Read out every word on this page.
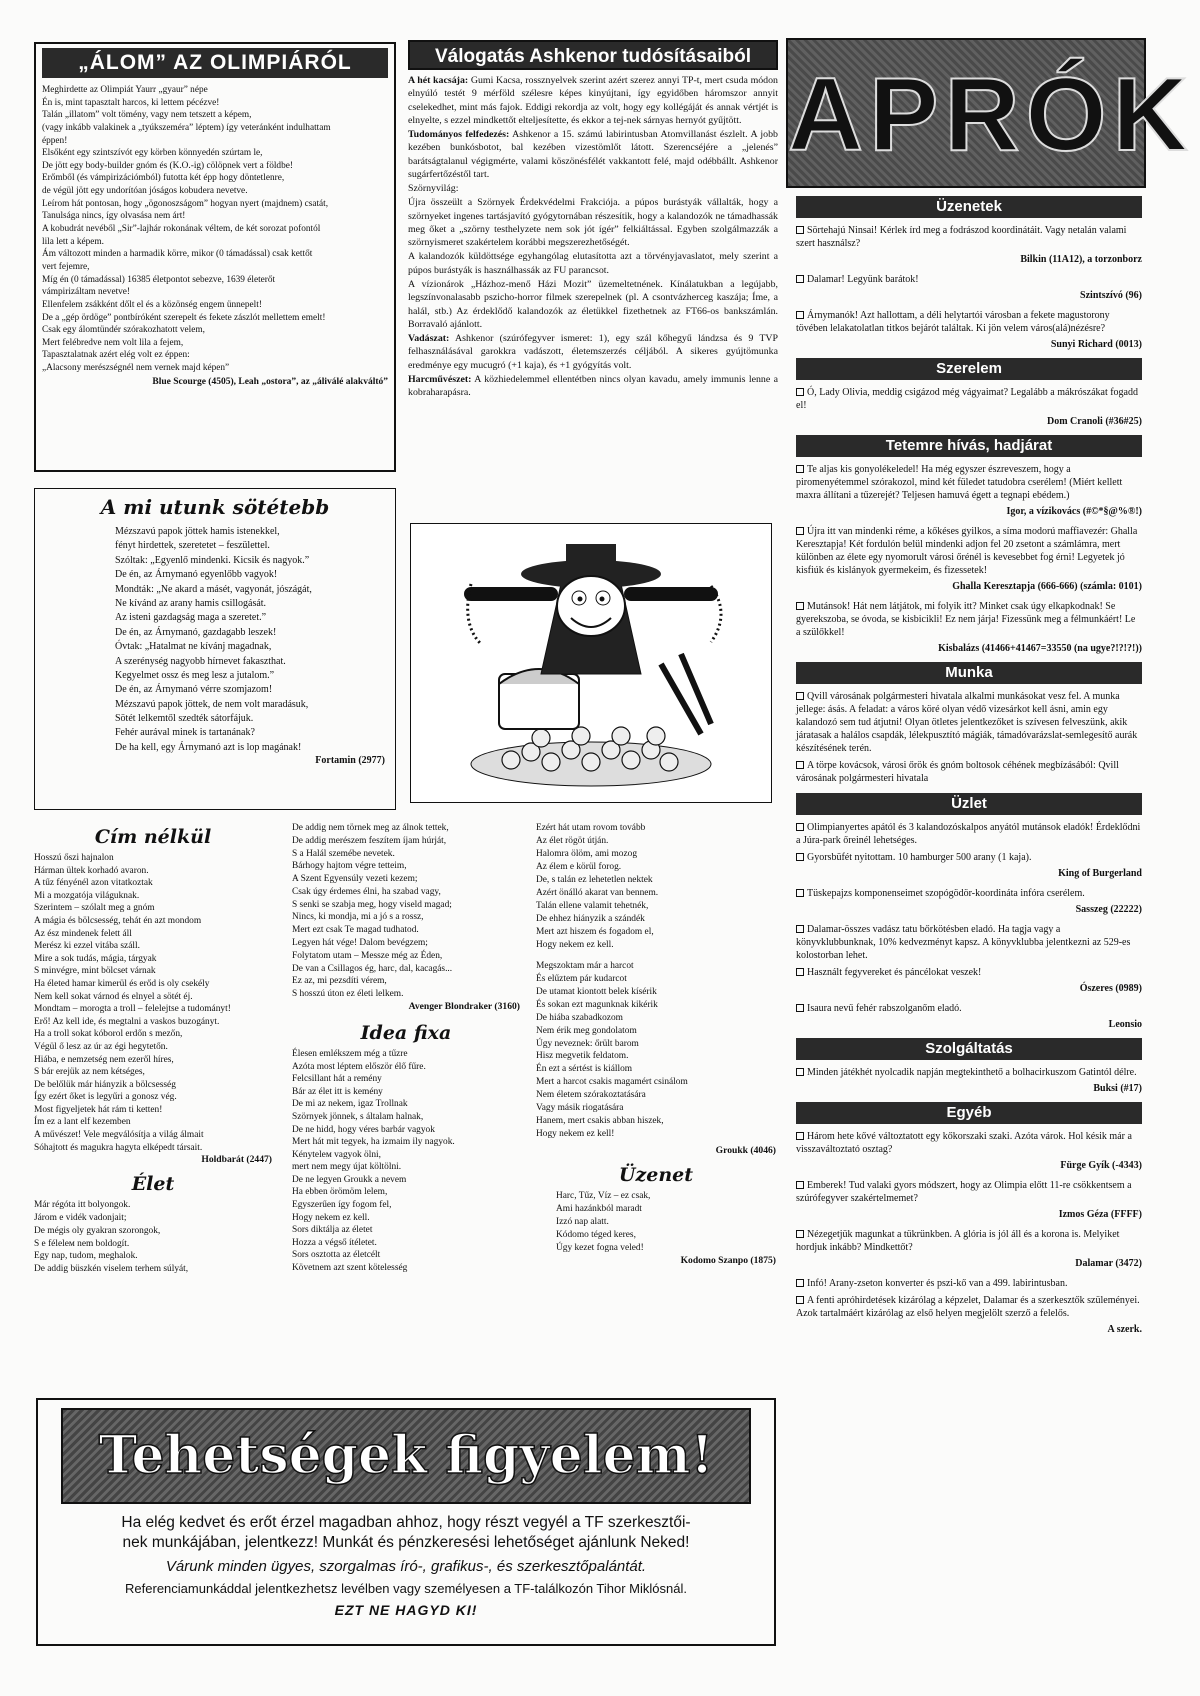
„ÁLOM” AZ OLIMPIÁRÓL

Meghirdette az Olimpiát Yaurr „gyaur” népe

Én is, mint tapasztalt harcos, ki lettem pécézve!

Talán „illatom” volt tömény, vagy nem tetszett a képem,

(vagy inkább valakinek a „tyúkszeméra” léptem) így veteránként indulhattam

éppen!

Elsőként egy szintszívót egy körben könnyedén szúrtam le,

De jött egy body-builder gnóm és (K.O.-ig) cölöpnek vert a földbe!

Erőmből (és vámpirizációmból) futotta két épp hogy döntetlenre,

de végül jött egy undorítóan jóságos kobudera nevetve.

Leírom hát pontosan, hogy „ögonoszságom” hogyan nyert (majdnem) csatát,

Tanulsága nincs, így olvasása nem árt!

A kobudrát nevéből „Sir”-lajhár rokonának véltem, de két sorozat pofontól

lila lett a képem.

Ám változott minden a harmadik körre, mikor (0 támadással) csak kettőt

vert fejemre,

Míg én (0 támadással) 16385 életpontot sebezve, 1639 életerőt

vámpirizáltam nevetve!

Ellenfelem zsákként dőlt el és a közönség engem ünnepelt!

De a „gép ördöge” pontbíróként szerepelt és fekete zászlót mellettem emelt!

Csak egy álomtündér szórakozhatott velem,

Mert felébredve nem volt lila a fejem,

Tapasztalatnak azért elég volt ez éppen:

„Alacsony merészségnél nem vernek majd képen”

Blue Scourge (4505), Leah „ostora”, az „áliválé alakváltó”
Válogatás Ashkenor tudósításaiból

A hét kacsája: Gumi Kacsa, rossznyelvek szerint azért szerez annyi TP-t, mert csuda módon elnyúló testét 9 mérföld szélesre képes kinyújtani, így egyidőben háromszor annyit cselekedhet, mint más fajok. Eddigi rekordja az volt, hogy egy kollégáját és annak vértjét is elnyelte, s ezzel mindkettőt elteljesítette, és ekkor a tej-nek sárnyas hernyót gyűjtött.

Tudományos felfedezés: Ashkenor a 15. számú labirintusban Atomvillanást észlelt. A jobb kezében bunkósbotot, bal kezében vizestömlőt látott. Szerencséjére a „jelenés” barátságtalanul végigmérte, valami köszönésfélét vakkantott felé, majd odébbállt. Ashkenor sugárfertőzéstől tart.

Szörnyvilág:

Újra összeült a Szörnyek Érdekvédelmi Frakciója. a púpos burástyák vállalták, hogy a szörnyeket ingenes tartásjavító gyógytornában részesítik, hogy a kalandozók ne támadhassák meg őket a „szörny testhelyzete nem sok jót ígér” felkiáltással. Egyben szolgálmazzák a szörnyismeret szakértelem korábbi megszerezhetőségét.

A kalandozók küldöttsége egyhangólag elutasította azt a törvényjavaslatot, mely szerint a púpos burástyák is használhassák az FU parancsot.

A vízionárok „Házhoz-menő Házi Mozit” üzemeltetnének. Kínálatukban a legújabb, legszínvonalasabb pszicho-horror filmek szerepelnek (pl. A csontvázherceg kaszája; Íme, a halál, stb.) Az érdeklődő kalandozók az életükkel fizethetnek az FT66-os bankszámlán. Borravaló ajánlott.

Vadászat: Ashkenor (szúrófegyver ismeret: 1), egy szál kőhegyű lándzsa és 9 TVP felhasználásával garokkra vadászott, életemszerzés céljából. A sikeres gyújtömunka eredménye egy mucugró (+1 kaja), és +1 gyógyítás volt.

Harcművészet: A közhiedelemmel ellentétben nincs olyan kavadu, amely immunis lenne a kobraharapásra.

APRÓK
Üzenetek
Sörtehajú Ninsai! Kérlek írd meg a fodrászod koordinátáit. Vagy netalán valami szert használsz?
Bilkin (11A12), a torzonborz
Dalamar! Legyünk barátok!
Szintszívó (96)
Árnymanók! Azt hallottam, a déli helytartói városban a fekete magustorony tövében lelakatolatlan titkos bejárót találtak. Ki jön velem város(alá)nézésre?
Sunyi Richard (0013)
Szerelem
Ó, Lady Olivia, meddig csigázod még vágyaimat? Legalább a mákrószákat fogadd el!
Dom Cranoli (#36#25)
Tetemre hívás, hadjárat
Te aljas kis gonyolékeledel! Ha még egyszer észreveszem, hogy a piromenyétemmel szórakozol, mind két füledet tatudobra cserélem! (Miért kellett maxra állítani a tűzerejét? Teljesen hamuvá égett a tegnapi ebédem.)
Igor, a vízikovács (#©*§@%®!)
Újra itt van mindenki réme, a kőkéses gyilkos, a síma modorú maffiavezér: Ghalla Keresztapja! Két fordulón belül mindenki adjon fel 20 zsetont a számlámra, mert különben az élete egy nyomorult városi őrénél is kevesebbet fog érni! Legyetek jó kisfiúk és kislányok gyermekeim, és fizessetek!
Ghalla Keresztapja (666-666) (számla: 0101)
Mutánsok! Hát nem látjátok, mi folyik itt? Minket csak úgy elkapkodnak! Se gyerekszoba, se óvoda, se kisbicikli! Ez nem járja! Fizessünk meg a félmunkáért! Le a szülőkkel!
Kisbalázs (41466+41467=33550 (na ugye?!?!?!))
Munka
Qvill városának polgármesteri hivatala alkalmi munkásokat vesz fel. A munka jellege: ásás. A feladat: a város köré olyan védő vizesárkot kell ásni, amin egy kalandozó sem tud átjutni! Olyan ötletes jelentkezőket is szívesen felveszünk, akik járatasak a halálos csapdák, lélekpusztító mágiák, támadóvarázslat-semlegesítő aurák készítésének terén.
A törpe kovácsok, városi őrök és gnóm boltosok céhének megbízásából: Qvill városának polgármesteri hivatala
Üzlet
Olimpianyertes apától és 3 kalandozóskalpos anyától mutánsok eladók! Érdeklődni a Júra-park őreinél lehetséges.
Gyorsbüfét nyitottam. 10 hamburger 500 arany (1 kaja).
King of Burgerland
Tüskepajzs komponenseimet szopógödör-koordináta infóra cserélem.
Sasszeg (22222)
Dalamar-összes vadász tatu bőrkötésben eladó. Ha tagja vagy a könyvklubbunknak, 10% kedvezményt kapsz. A könyvklubba jelentkezni az 529-es kolostorban lehet.
Használt fegyvereket és páncélokat veszek!
Ószeres (0989)
Isaura nevű fehér rabszolganőm eladó.
Leonsio
Szolgáltatás
Minden játékhét nyolcadik napján megtekinthető a bolhacirkuszom Gatintól délre.
Buksi (#17)
Egyéb
Három hete kővé változtatott egy kőkorszaki szaki. Azóta várok. Hol késik már a visszaváltoztató osztag?
Fürge Gyík (-4343)
Emberek! Tud valaki gyors módszert, hogy az Olimpia előtt 11-re csökkentsem a szúrófegyver szakértelmemet?
Izmos Géza (FFFF)
Nézegetjük magunkat a tükrünkben. A glória is jól áll és a korona is. Melyiket hordjuk inkább? Mindkettőt?
Dalamar (3472)
Infó! Arany-zseton konverter és pszi-kő van a 499. labirintusban.
A fenti apróhirdetések kizárólag a képzelet, Dalamar és a szerkesztők szüleményei. Azok tartalmáért kizárólag az első helyen megjelölt szerző a felelős.
A szerk.
A mi utunk sötétebb

Mézszavú papok jöttek hamis istenekkel,

fényt hirdettek, szeretetet – feszülettel.

Szóltak: „Egyenlő mindenki. Kicsik és nagyok.”

De én, az Árnymanó egyenlőbb vagyok!

Mondták: „Ne akard a másét, vagyonát, jószágát,

Ne kívánd az arany hamis csillogását.

Az isteni gazdagság maga a szeretet.”

De én, az Árnymanó, gazdagabb leszek!

Óvtak: „Hatalmat ne kívánj magadnak,

A szerénység nagyobb hírnevet fakaszthat.

Kegyelmet ossz és meg lesz a jutalom.”

De én, az Árnymanó vérre szomjazom!

Mézszavú papok jöttek, de nem volt maradásuk,

Sötét lelkemtől szedték sátorfájuk.

Fehér aurával minek is tartanának?

De ha kell, egy Árnymanó azt is lop magának!

Fortamin (2977)
Cím nélkül

Hosszú őszi hajnalon

Hárman ültek korhadó avaron.

A tűz fényénél azon vitatkoztak

Mi a mozgatója világuknak.

Szerintem – szólalt meg a gnóm

A mágia és bölcsesség, tehát én azt mondom

Az ész mindenek felett áll

Merész ki ezzel vitába száll.

Mire a sok tudás, mágia, tárgyak

S minvégre, mint bölcset várnak

Ha életed hamar kimerül és erőd is oly csekély

Nem kell sokat várnod és elnyel a sötét éj.

Mondtam – morogta a troll – felelejtse a tudományt!

Erő! Az kell ide, és megtalni a vaskos buzogányt.

Ha a troll sokat kóborol erdőn s mezőn,

Végül ő lesz az úr az égi hegytetőn.

Hiába, e nemzetség nem ezeről híres,

S bár erejük az nem kétséges,

De belőlük már hiányzik a bölcsesség

Így ezért őket is legyűri a gonosz vég.

Most figyeljetek hát rám ti ketten!

Ím ez a lant elf kezemben

A művészet! Vele megválósítja a világ álmait

Sóhajtott és magukra hagyta elképedt társait.

Holdbarát (2447)
Élet

Már régóta itt bolyongok.

Járom e vidék vadonjait;

De mégis oly gyakran szorongok,

S e féleleм nem boldogít.

Egy nap, tudom, meghalok.

De addig büszkén viselem terhem súlyát,

De addig nem törnek meg az álnok tettek,

De addig merészem feszítem íjam húrját,

S a Halál szemébe nevetek.

Bárhogy hajtom végre tetteim,

A Szent Egyensúly vezeti kezem;

Csak úgy érdemes élni, ha szabad vagy,

S senki se szabja meg, hogy viseld magad;

Nincs, ki mondja, mi a jó s a rossz,

Mert ezt csak Te magad tudhatod.

Legyen hát vége! Dalom bevégzem;

Folytatom utam – Messze még az Éden,

De van a Csillagos ég, harc, dal, kacagás...

Ez az, mi pezsdíti vérem,

S hosszú úton ez életi lelkem.

Avenger Blondraker (3160)
Idea fixa

Élesen emlékszem még a tűzre

Azóta most léptem először élő fűre.

Felcsillant hát a remény

Bár az élet itt is kemény

De mi az nekem, igaz Trollnak

Szörnyek jönnek, s általam halnak,

De ne hidd, hogy véres barbár vagyok

Mert hát mit tegyek, ha izmaim ily nagyok.

Kényteleм vagyok ölni,

mert nem megy újat költölni.

De ne legyen Groukk a nevem

Ha ebben örömöm lelem,

Egyszerűen így fogom fel,

Hogy nekem ez kell.

Sors diktálja az életet

Hozza a végső ítéletet.

Sors osztotta az életcélt

Követnem azt szent kötelesség

Ezért hát utam rovom tovább

Az élet rögöt útján.

Halomra ölöm, ami mozog

Az élem e körül forog.

De, s talán ez lehetetlen nektek

Azért önálló akarat van bennem.

Talán ellene valamit tehetnék,

De ehhez hiányzik a szándék

Mert azt hiszem és fogadom el,

Hogy nekem ez kell.

Megszoktam már a harcot

És elűztem pár kudarcot

De utamat kiontott belek kísérik

És sokan ezt magunknak kikérik

De hiába szabadkozom

Nem érik meg gondolatom

Úgy neveznek: őrült barom

Hisz megvetik feldatom.

Én ezt a sértést is kiállom

Mert a harcot csakis magamért csinálom

Nem életem szórakoztatására

Vagy másik riogatására

Hanem, mert csakis abban hiszek,

Hogy nekem ez kell!

Groukk (4046)
Üzenet

Harc, Tűz, Víz – ez csak,

Ami hazánkból maradt

Izzó nap alatt.

Kódomo téged keres,

Úgy kezet fogna veled!

Kodomo Szanpo (1875)
Tehetségek figyelem!
Ha elég kedvet és erőt érzel magadban ahhoz, hogy részt vegyél a TF szerkesztői-
nek munkájában, jelentkezz! Munkát és pénzkeresési lehetőséget ajánlunk Neked!
Várunk minden ügyes, szorgalmas író-, grafikus-, és szerkesztőpalántát.
Referenciamunkáddal jelentkezhetsz levélben vagy személyesen a TF-találkozón Tihor Miklósnál.
EZT NE HAGYD KI!
